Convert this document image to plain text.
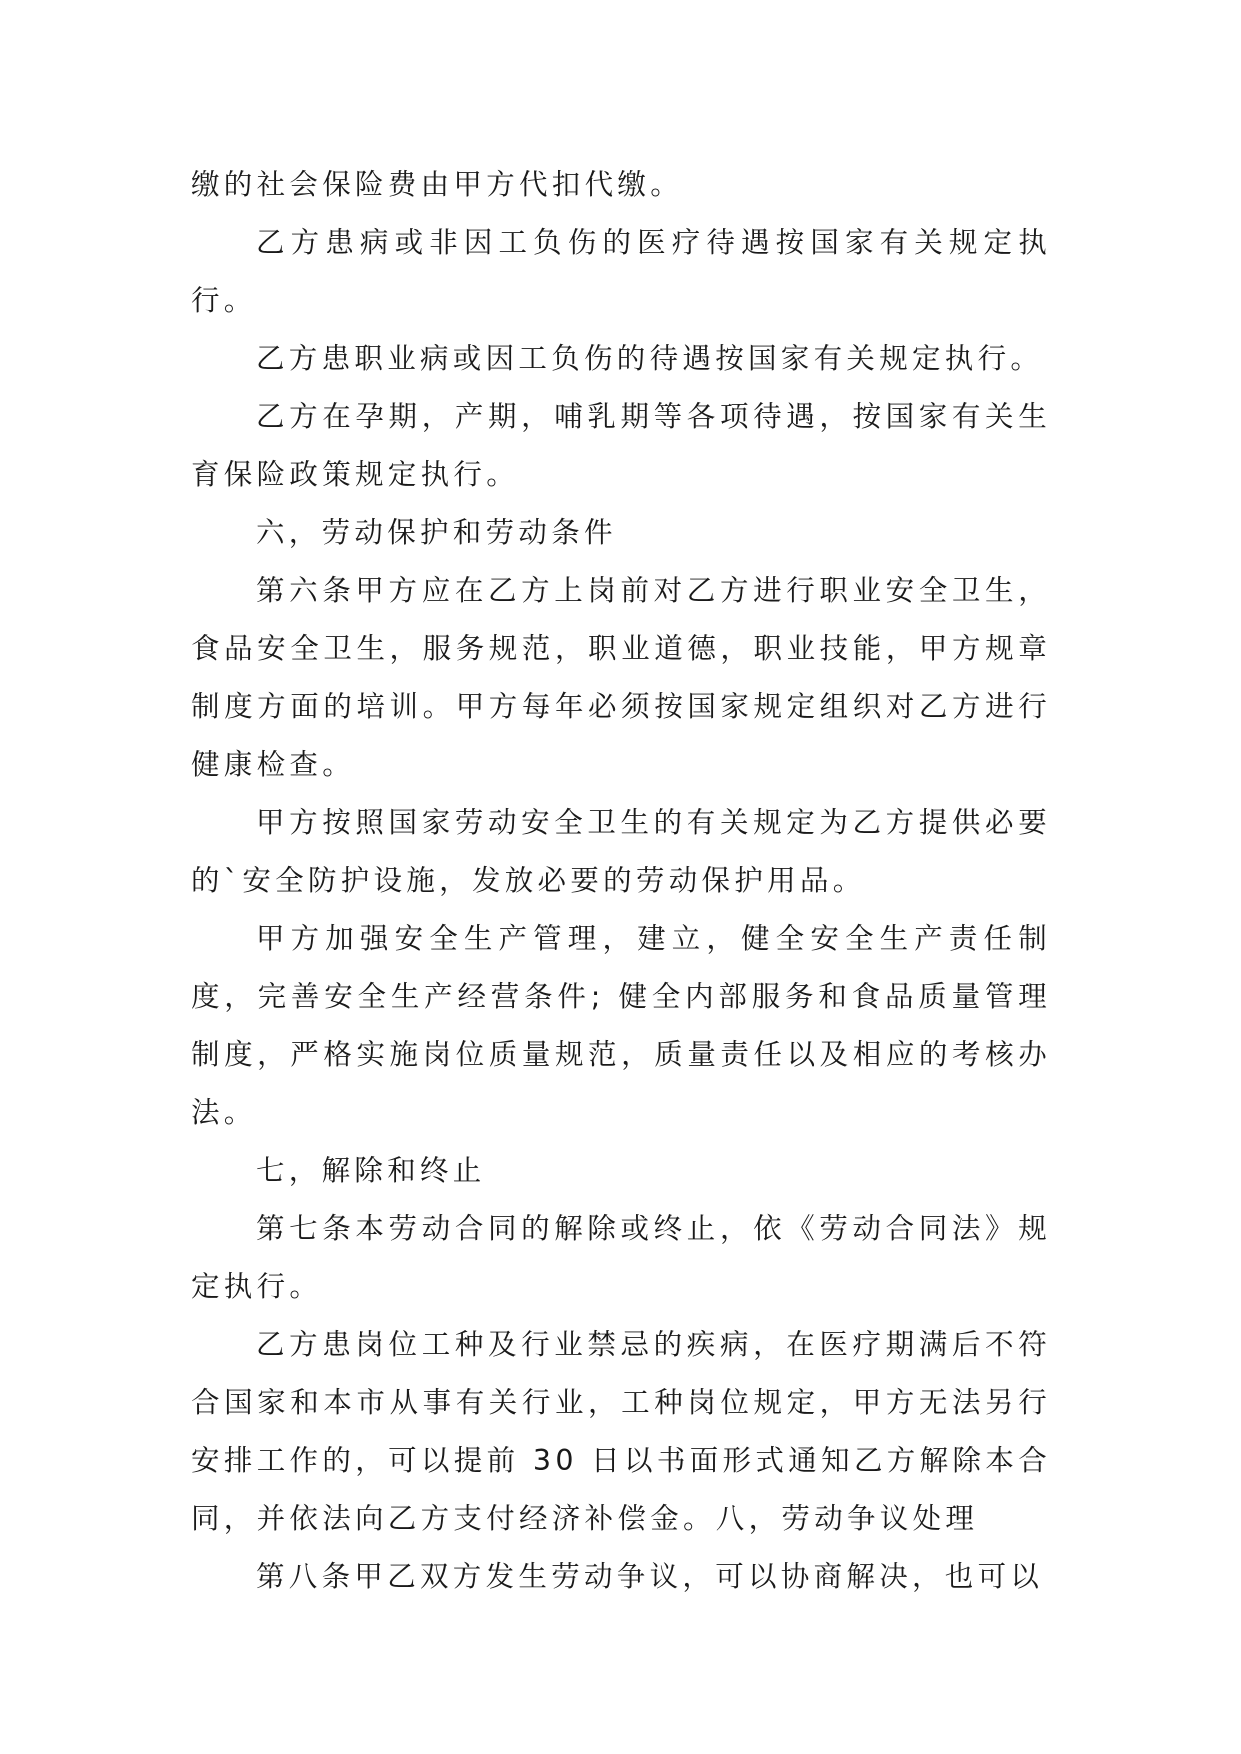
缴的社会保险费由甲方代扣代缴。

乙方患病或非因工负伤的医疗待遇按国家有关规定执行。

乙方患职业病或因工负伤的待遇按国家有关规定执行。

乙方在孕期，产期，哺乳期等各项待遇，按国家有关生育保险政策规定执行。

六，劳动保护和劳动条件

第六条甲方应在乙方上岗前对乙方进行职业安全卫生，食品安全卫生，服务规范，职业道德，职业技能，甲方规章制度方面的培训。甲方每年必须按国家规定组织对乙方进行健康检查。

甲方按照国家劳动安全卫生的有关规定为乙方提供必要的`安全防护设施，发放必要的劳动保护用品。

甲方加强安全生产管理，建立，健全安全生产责任制度，完善安全生产经营条件; 健全内部服务和食品质量管理制度，严格实施岗位质量规范，质量责任以及相应的考核办法。

七，解除和终止

第七条本劳动合同的解除或终止，依《劳动合同法》规定执行。

乙方患岗位工种及行业禁忌的疾病，在医疗期满后不符合国家和本市从事有关行业，工种岗位规定，甲方无法另行安排工作的，可以提前 30 日以书面形式通知乙方解除本合同，并依法向乙方支付经济补偿金。八，劳动争议处理

第八条甲乙双方发生劳动争议，可以协商解决，也可以
